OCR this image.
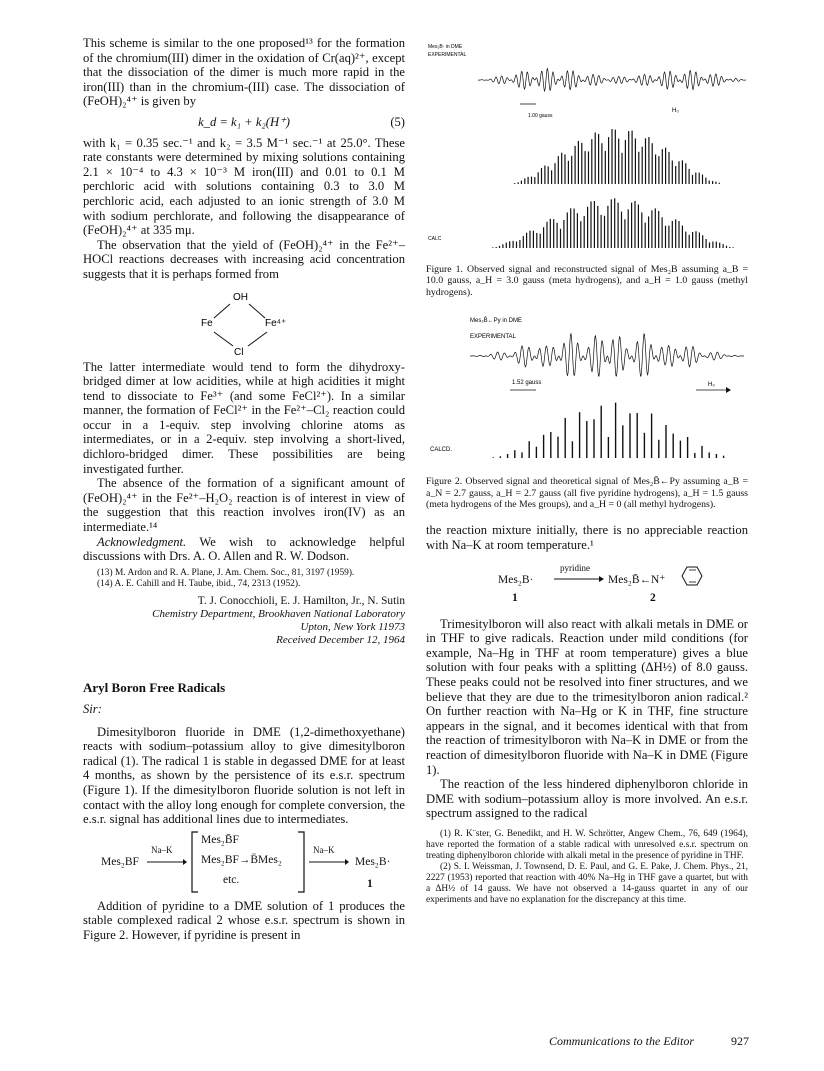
This scheme is similar to the one proposed¹³ for the formation of the chromium(III) dimer in the oxidation of Cr(aq)²⁺, except that the dissociation of the dimer is much more rapid in the iron(III) than in the chromium-(III) case. The dissociation of (FeOH)₂⁴⁺ is given by

k_d = k₁ + k₂(H⁺)	(5)

with k₁ = 0.35 sec.⁻¹ and k₂ = 3.5 M⁻¹ sec.⁻¹ at 25.0°. These rate constants were determined by mixing solutions containing 2.1 × 10⁻⁴ to 4.3 × 10⁻³ M iron(III) and 0.01 to 0.1 M perchloric acid with solutions containing 0.3 to 3.0 M perchloric acid, each adjusted to an ionic strength of 3.0 M with sodium perchlorate, and following the disappearance of (FeOH)₂⁴⁺ at 335 mμ.

The observation that the yield of (FeOH)₂⁴⁺ in the Fe²⁺–HOCl reactions decreases with increasing acid concentration suggests that it is perhaps formed from

OH
Fe	Fe⁴⁺
Cl

The latter intermediate would tend to form the dihydroxy-bridged dimer at low acidities, while at high acidities it might tend to dissociate to Fe³⁺ (and some FeCl²⁺). In a similar manner, the formation of FeCl²⁺ in the Fe²⁺–Cl₂ reaction could occur in a 1-equiv. step involving chlorine atoms as intermediates, or in a 2-equiv. step involving a short-lived, dichloro-bridged dimer. These possibilities are being investigated further.

The absence of the formation of a significant amount of (FeOH)₂⁴⁺ in the Fe²⁺–H₂O₂ reaction is of interest in view of the suggestion that this reaction involves iron(IV) as an intermediate.¹⁴

Acknowledgment. We wish to acknowledge helpful discussions with Drs. A. O. Allen and R. W. Dodson.

(13) M. Ardon and R. A. Plane, J. Am. Chem. Soc., 81, 3197 (1959).

(14) A. E. Cahill and H. Taube, ibid., 74, 2313 (1952).

T. J. Conocchioli, E. J. Hamilton, Jr., N. Sutin

Chemistry Department, Brookhaven National Laboratory

Upton, New York 11973

Received December 12, 1964

Aryl Boron Free Radicals

Sir:

Dimesitylboron fluoride in DME (1,2-dimethoxyethane) reacts with sodium–potassium alloy to give dimesitylboron radical (1). The radical 1 is stable in degassed DME for at least 4 months, as shown by the persistence of its e.s.r. spectrum (Figure 1). If the dimesitylboron fluoride solution is not left in contact with the alloy long enough for complete conversion, the e.s.r. signal has additional lines due to intermediates.

Mes₂BF
Na–K
Mes₂B̄F
Mes₂BF→B̈Mes₂
etc.
Na–K
Mes₂B·
1

Addition of pyridine to a DME solution of 1 produces the stable complexed radical 2 whose e.s.r. spectrum is shown in Figure 2. However, if pyridine is present in

Mes₂B· in DME
EXPERIMENTAL
1.00 gauss
H₀
CALC

Figure 1. Observed signal and reconstructed signal of Mes₂B assuming a_B = 10.0 gauss, a_H = 3.0 gauss (meta hydrogens), and a_H = 1.0 gauss (methyl hydrogens).

Mes₂B̄←Py in DME
EXPERIMENTAL
1.52 gauss	H₀
CALCD.

Figure 2. Observed signal and theoretical signal of Mes₂B̄←Py assuming a_B = a_N = 2.7 gauss, a_H = 2.7 gauss (all five pyridine hydrogens), a_H = 1.5 gauss (meta hydrogens of the Mes groups), and a_H = 0 (all methyl hydrogens).

the reaction mixture initially, there is no appreciable reaction with Na–K at room temperature.¹

Mes₂B·
pyridine
Mes₂B̄←N⁺
1	2

Trimesitylboron will also react with alkali metals in DME or in THF to give radicals. Reaction under mild conditions (for example, Na–Hg in THF at room temperature) gives a blue solution with four peaks with a splitting (ΔH½) of 8.0 gauss. These peaks could not be resolved into finer structures, and we believe that they are due to the trimesitylboron anion radical.² On further reaction with Na–Hg or K in THF, fine structure appears in the signal, and it becomes identical with that from the reaction of trimesitylboron with Na–K in DME or from the reaction of dimesitylboron fluoride with Na–K in DME (Figure 1).

The reaction of the less hindered diphenylboron chloride in DME with sodium–potassium alloy is more involved. An e.s.r. spectrum assigned to the radical

(1) R. K¨ster, G. Benedikt, and H. W. Schrötter, Angew Chem., 76, 649 (1964), have reported the formation of a stable radical with unresolved e.s.r. spectrum on treating diphenylboron chloride with alkali metal in the presence of pyridine in THF.

(2) S. I. Weissman, J. Townsend, D. E. Paul, and G. E. Pake, J. Chem. Phys., 21, 2227 (1953) reported that reaction with 40% Na–Hg in THF gave a quartet, but with a ΔH½ of 14 gauss. We have not observed a 14-gauss quartet in any of our experiments and have no explanation for the discrepancy at this time.

Communications to the Editor	927
